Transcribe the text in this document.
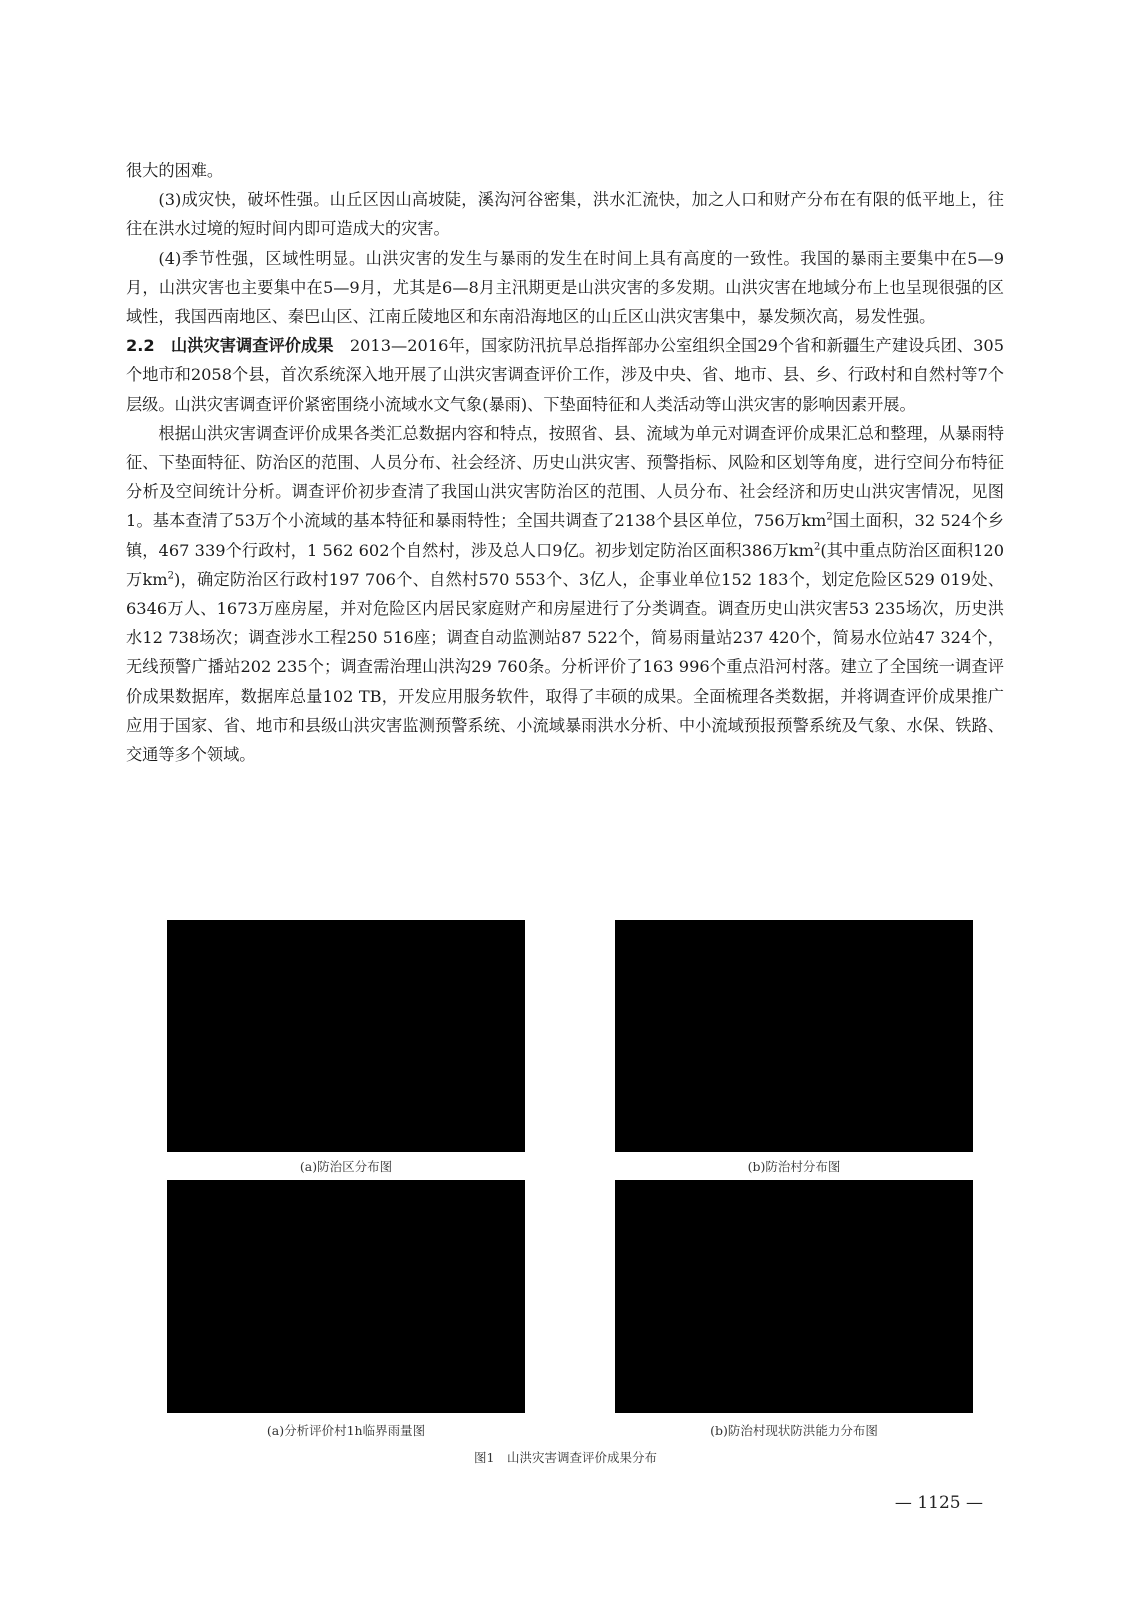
很大的困难。

(3)成灾快，破坏性强。山丘区因山高坡陡，溪沟河谷密集，洪水汇流快，加之人口和财产分布在有限的低平地上，往往在洪水过境的短时间内即可造成大的灾害。

(4)季节性强，区域性明显。山洪灾害的发生与暴雨的发生在时间上具有高度的一致性。我国的暴雨主要集中在5—9月，山洪灾害也主要集中在5—9月，尤其是6—8月主汛期更是山洪灾害的多发期。山洪灾害在地域分布上也呈现很强的区域性，我国西南地区、秦巴山区、江南丘陵地区和东南沿海地区的山丘区山洪灾害集中，暴发频次高，易发性强。

2.2　山洪灾害调查评价成果　2013—2016年，国家防汛抗旱总指挥部办公室组织全国29个省和新疆生产建设兵团、305个地市和2058个县，首次系统深入地开展了山洪灾害调查评价工作，涉及中央、省、地市、县、乡、行政村和自然村等7个层级。山洪灾害调查评价紧密围绕小流域水文气象(暴雨)、下垫面特征和人类活动等山洪灾害的影响因素开展。

根据山洪灾害调查评价成果各类汇总数据内容和特点，按照省、县、流域为单元对调查评价成果汇总和整理，从暴雨特征、下垫面特征、防治区的范围、人员分布、社会经济、历史山洪灾害、预警指标、风险和区划等角度，进行空间分布特征分析及空间统计分析。调查评价初步查清了我国山洪灾害防治区的范围、人员分布、社会经济和历史山洪灾害情况，见图1。基本查清了53万个小流域的基本特征和暴雨特性；全国共调查了2138个县区单位，756万$km^2$国土面积，32 524个乡镇，467 339个行政村，1 562 602个自然村，涉及总人口9亿。初步划定防治区面积386万$km^2$(其中重点防治区面积120万$km^2$)，确定防治区行政村197 706个、自然村570 553个、3亿人，企事业单位152 183个，划定危险区529 019处、6346万人、1673万座房屋，并对危险区内居民家庭财产和房屋进行了分类调查。调查历史山洪灾害53 235场次，历史洪水12 738场次；调查涉水工程250 516座；调查自动监测站87 522个，简易雨量站237 420个，简易水位站47 324个，无线预警广播站202 235个；调查需治理山洪沟29 760条。分析评价了163 996个重点沿河村落。建立了全国统一调查评价成果数据库，数据库总量102 TB，开发应用服务软件，取得了丰硕的成果。全面梳理各类数据，并将调查评价成果推广应用于国家、省、地市和县级山洪灾害监测预警系统、小流域暴雨洪水分析、中小流域预报预警系统及气象、水保、铁路、交通等多个领域。

(a)防治区分布图	(b)防治村分布图
(a)分析评价村1h临界雨量图	(b)防治村现状防洪能力分布图
图1　山洪灾害调查评价成果分布
— 1125 —
